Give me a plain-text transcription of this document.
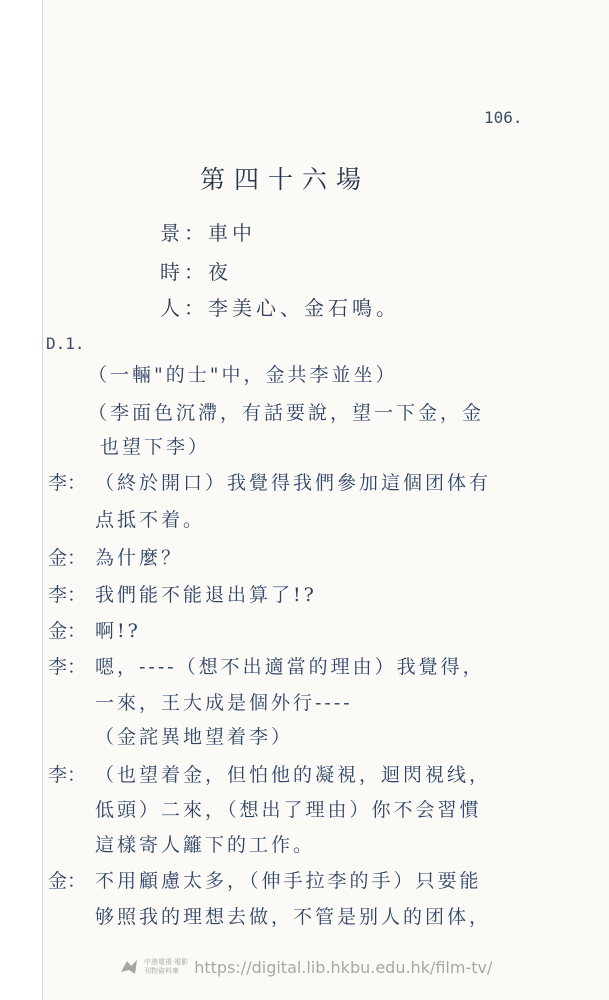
106.
第四十六場
景：車中
時：夜
人：李美心、金石鳴。
D.1.
（一輛"的士"中，金共李並坐）
（李面色沉滯，有話要說，望一下金，金
也望下李）
李： （終於開口）我覺得我們參加這個团体有
点抵不着。
金： 為什麼？
李： 我們能不能退出算了!?
金： 啊!?
李： 嗯，----（想不出適當的理由）我覺得，
一來，王大成是個外行----
（金詫異地望着李）
李： （也望着金，但怕他的凝視，迴閃視线，
低頭）二來，（想出了理由）你不会習慣
這樣寄人籬下的工作。
金： 不用顧慮太多，（伸手拉李的手）只要能
够照我的理想去做，不管是别人的团体，
中港電視·電影
刊物資料庫 https://digital.lib.hkbu.edu.hk/film-tv/
